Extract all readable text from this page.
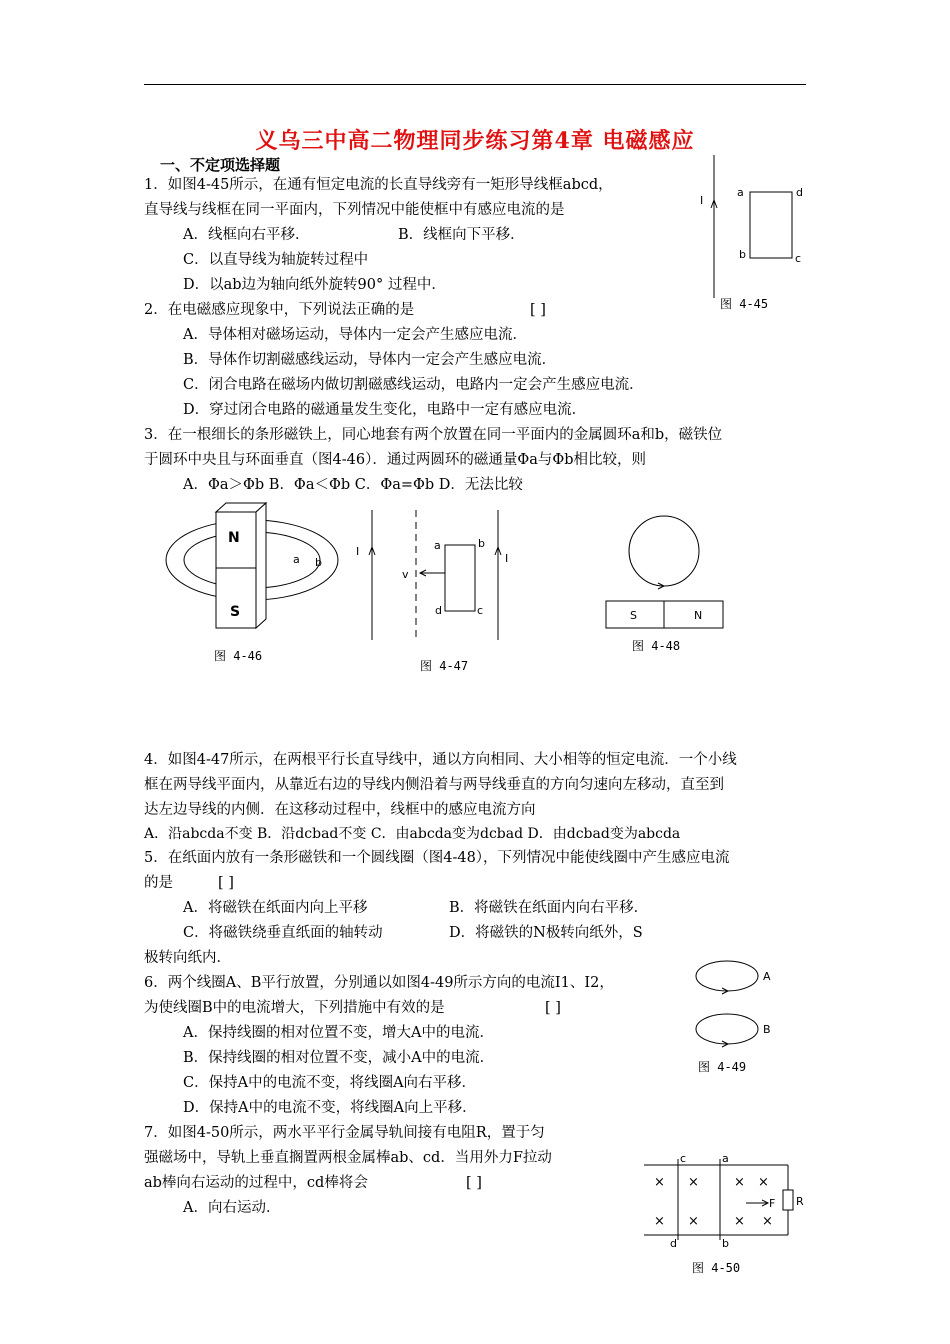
义乌三中高二物理同步练习第4章 电磁感应
一、不定项选择题
1．如图4-45所示，在通有恒定电流的长直导线旁有一矩形导线框abcd，
直导线与线框在同一平面内，下列情况中能使框中有感应电流的是
A．线框向右平移．	B．线框向下平移．
C．以直导线为轴旋转过程中
D．以ab边为轴向纸外旋转90° 过程中．
2．在电磁感应现象中，下列说法正确的是	[ ]
A．导体相对磁场运动，导体内一定会产生感应电流．
B．导体作切割磁感线运动，导体内一定会产生感应电流．
C．闭合电路在磁场内做切割磁感线运动，电路内一定会产生感应电流．
D．穿过闭合电路的磁通量发生变化，电路中一定有感应电流．
3．在一根细长的条形磁铁上，同心地套有两个放置在同一平面内的金属圆环a和b，磁铁位
于圆环中央且与环面垂直（图4-46）．通过两圆环的磁通量Φa与Φb相比较，则
A．Φa＞Φb B．Φa＜Φb C．Φa=Φb D．无法比较
4．如图4-47所示，在两根平行长直导线中，通以方向相同、大小相等的恒定电流．一个小线
框在两导线平面内，从靠近右边的导线内侧沿着与两导线垂直的方向匀速向左移动，直至到
达左边导线的内侧．在这移动过程中，线框中的感应电流方向
A．沿abcda不变 B．沿dcbad不变 C．由abcda变为dcbad D．由dcbad变为abcda
5．在纸面内放有一条形磁铁和一个圆线圈（图4-48），下列情况中能使线圈中产生感应电流
的是	[ ]
A．将磁铁在纸面内向上平移	B．将磁铁在纸面内向右平移．
C．将磁铁绕垂直纸面的轴转动	D．将磁铁的N极转向纸外，S
极转向纸内．
6．两个线圈A、B平行放置，分别通以如图4-49所示方向的电流I1、I2，
为使线圈B中的电流增大，下列措施中有效的是	[ ]
A．保持线圈的相对位置不变，增大A中的电流．
B．保持线圈的相对位置不变，减小A中的电流．
C．保持A中的电流不变，将线圈A向右平移．
D．保持A中的电流不变，将线圈A向上平移．
7．如图4-50所示，两水平平行金属导轨间接有电阻R，置于匀
强磁场中，导轨上垂直搁置两根金属棒ab、cd．当用外力F拉动
ab棒向右运动的过程中，cd棒将会	[ ]
A．向右运动．
I
a	d
b	c
图 4-45
N
S
a b
图 4-46
I
I
a	b
c
d
v
图 4-47
S	N
图 4-48
A
B
图 4-49
R
c	a
d	b
×
×
×
×
× ×
× ×
F
图 4-50
